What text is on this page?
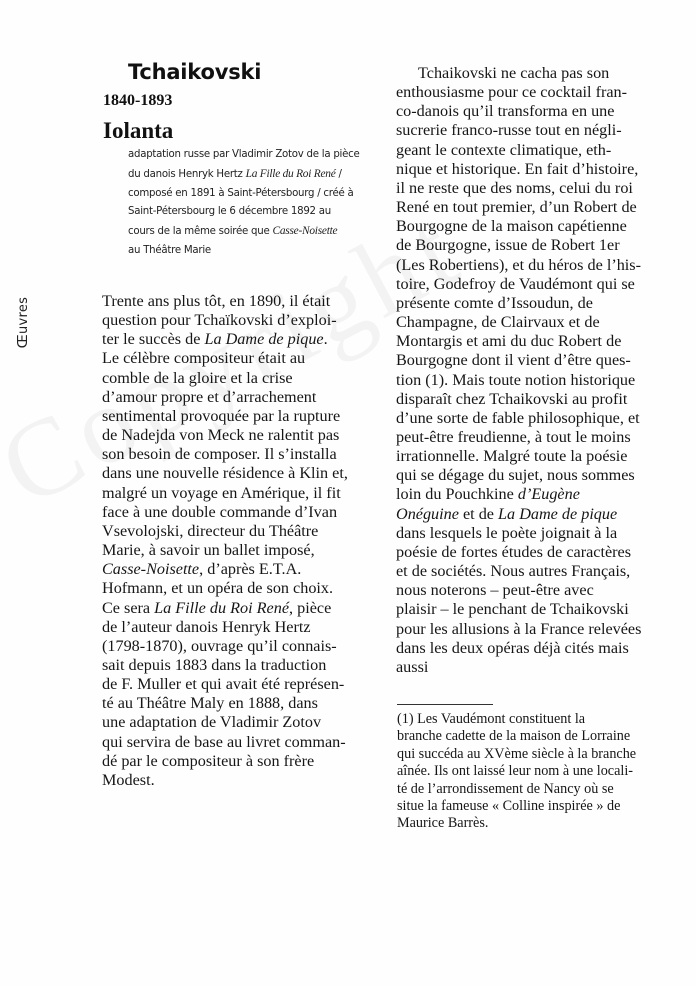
Œuvres
Tchaikovski
1840-1893
Iolanta

adaptation russe par Vladimir Zotov de la pièce

du danois Henryk Hertz La Fille du Roi René /

composé en 1891 à Saint-Pétersbourg / créé à

Saint-Pétersbourg le 6 décembre 1892 au

cours de la même soirée que Casse-Noisette

au Théâtre Marie

Trente ans plus tôt, en 1890, il était

question pour Tchaïkovski d’exploi-

ter le succès de La Dame de pique.

Le célèbre compositeur était au

comble de la gloire et la crise

d’amour propre et d’arrachement

sentimental provoquée par la rupture

de Nadejda von Meck ne ralentit pas

son besoin de composer. Il s’installa

dans une nouvelle résidence à Klin et,

malgré un voyage en Amérique, il fit

face à une double commande d’Ivan

Vsevolojski, directeur du Théâtre

Marie, à savoir un ballet imposé,

Casse-Noisette, d’après E.T.A.

Hofmann, et un opéra de son choix.

Ce sera La Fille du Roi René, pièce

de l’auteur danois Henryk Hertz

(1798-1870), ouvrage qu’il connais-

sait depuis 1883 dans la traduction

de F. Muller et qui avait été représen-

té au Théâtre Maly en 1888, dans

une adaptation de Vladimir Zotov

qui servira de base au livret comman-

dé par le compositeur à son frère

Modest.

Tchaikovski ne cacha pas son

enthousiasme pour ce cocktail fran-

co-danois qu’il transforma en une

sucrerie franco-russe tout en négli-

geant le contexte climatique, eth-

nique et historique. En fait d’histoire,

il ne reste que des noms, celui du roi

René en tout premier, d’un Robert de

Bourgogne de la maison capétienne

de Bourgogne, issue de Robert 1er

(Les Robertiens), et du héros de l’his-

toire, Godefroy de Vaudémont qui se

présente comte d’Issoudun, de

Champagne, de Clairvaux et de

Montargis et ami du duc Robert de

Bourgogne dont il vient d’être ques-

tion (1). Mais toute notion historique

disparaît chez Tchaikovski au profit

d’une sorte de fable philosophique, et

peut-être freudienne, à tout le moins

irrationnelle. Malgré toute la poésie

qui se dégage du sujet, nous sommes

loin du Pouchkine d’Eugène

Onéguine et de La Dame de pique

dans lesquels le poète joignait à la

poésie de fortes études de caractères

et de sociétés. Nous autres Français,

nous noterons – peut-être avec

plaisir – le penchant de Tchaikovski

pour les allusions à la France relevées

dans les deux opéras déjà cités mais

aussi

(1) Les Vaudémont constituent la

branche cadette de la maison de Lorraine

qui succéda au XVème siècle à la branche

aînée. Ils ont laissé leur nom à une locali-

té de l’arrondissement de Nancy où se

situe la fameuse « Colline inspirée » de

Maurice Barrès.
